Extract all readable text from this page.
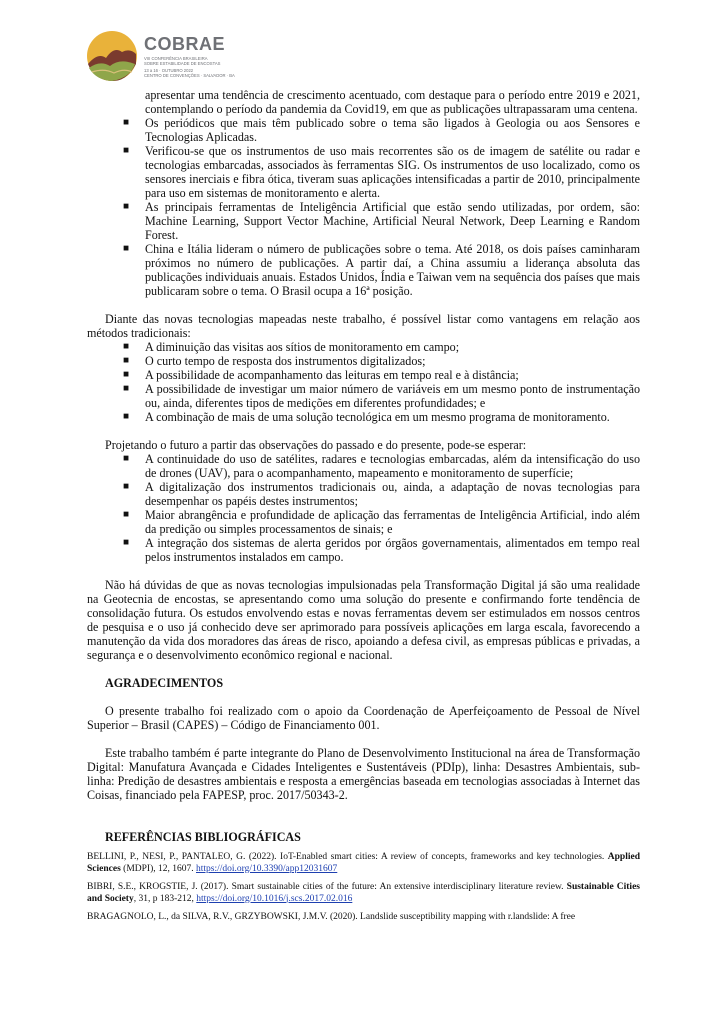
COBRAE
VIII CONFERÊNCIA BRASILEIRA
SOBRE ESTABILIDADE DE ENCOSTAS
13 a 16 · OUTUBRO 2022
CENTRO DE CONVENÇÕES · SALVADOR · BA

apresentar uma tendência de crescimento acentuado, com destaque para o período entre 2019 e 2021, contemplando o período da pandemia da Covid19, em que as publicações ultrapassaram uma centena.

■ Os periódicos que mais têm publicado sobre o tema são ligados à Geologia ou aos Sensores e Tecnologias Aplicadas.
■ Verificou-se que os instrumentos de uso mais recorrentes são os de imagem de satélite ou radar e tecnologias embarcadas, associados às ferramentas SIG. Os instrumentos de uso localizado, como os sensores inerciais e fibra ótica, tiveram suas aplicações intensificadas a partir de 2010, principalmente para uso em sistemas de monitoramento e alerta.
■ As principais ferramentas de Inteligência Artificial que estão sendo utilizadas, por ordem, são: Machine Learning, Support Vector Machine, Artificial Neural Network, Deep Learning e Random Forest.
■ China e Itália lideram o número de publicações sobre o tema. Até 2018, os dois países caminharam próximos no número de publicações. A partir daí, a China assumiu a liderança absoluta das publicações individuais anuais. Estados Unidos, Índia e Taiwan vem na sequência dos países que mais publicaram sobre o tema. O Brasil ocupa a 16ª posição.

Diante das novas tecnologias mapeadas neste trabalho, é possível listar como vantagens em relação aos métodos tradicionais:

■ A diminuição das visitas aos sítios de monitoramento em campo;
■ O curto tempo de resposta dos instrumentos digitalizados;
■ A possibilidade de acompanhamento das leituras em tempo real e à distância;
■ A possibilidade de investigar um maior número de variáveis em um mesmo ponto de instrumentação ou, ainda, diferentes tipos de medições em diferentes profundidades; e
■ A combinação de mais de uma solução tecnológica em um mesmo programa de monitoramento.

Projetando o futuro a partir das observações do passado e do presente, pode-se esperar:

■ A continuidade do uso de satélites, radares e tecnologias embarcadas, além da intensificação do uso de drones (UAV), para o acompanhamento, mapeamento e monitoramento de superfície;
■ A digitalização dos instrumentos tradicionais ou, ainda, a adaptação de novas tecnologias para desempenhar os papéis destes instrumentos;
■ Maior abrangência e profundidade de aplicação das ferramentas de Inteligência Artificial, indo além da predição ou simples processamentos de sinais; e
■ A integração dos sistemas de alerta geridos por órgãos governamentais, alimentados em tempo real pelos instrumentos instalados em campo.

Não há dúvidas de que as novas tecnologias impulsionadas pela Transformação Digital já são uma realidade na Geotecnia de encostas, se apresentando como uma solução do presente e confirmando forte tendência de consolidação futura. Os estudos envolvendo estas e novas ferramentas devem ser estimulados em nossos centros de pesquisa e o uso já conhecido deve ser aprimorado para possíveis aplicações em larga escala, favorecendo a manutenção da vida dos moradores das áreas de risco, apoiando a defesa civil, as empresas públicas e privadas, a segurança e o desenvolvimento econômico regional e nacional.

AGRADECIMENTOS

O presente trabalho foi realizado com o apoio da Coordenação de Aperfeiçoamento de Pessoal de Nível Superior – Brasil (CAPES) – Código de Financiamento 001.

Este trabalho também é parte integrante do Plano de Desenvolvimento Institucional na área de Transformação Digital: Manufatura Avançada e Cidades Inteligentes e Sustentáveis (PDIp), linha: Desastres Ambientais, sub-linha: Predição de desastres ambientais e resposta a emergências baseada em tecnologias associadas à Internet das Coisas, financiado pela FAPESP, proc. 2017/50343-2.

REFERÊNCIAS BIBLIOGRÁFICAS

BELLINI, P., NESI, P., PANTALEO, G. (2022). IoT-Enabled smart cities: A review of concepts, frameworks and key technologies. Applied Sciences (MDPI), 12, 1607. https://doi.org/10.3390/app12031607

BIBRI, S.E., KROGSTIE, J. (2017). Smart sustainable cities of the future: An extensive interdisciplinary literature review. Sustainable Cities and Society, 31, p 183-212, https://doi.org/10.1016/j.scs.2017.02.016

BRAGAGNOLO, L., da SILVA, R.V., GRZYBOWSKI, J.M.V. (2020). Landslide susceptibility mapping with r.landslide: A free
